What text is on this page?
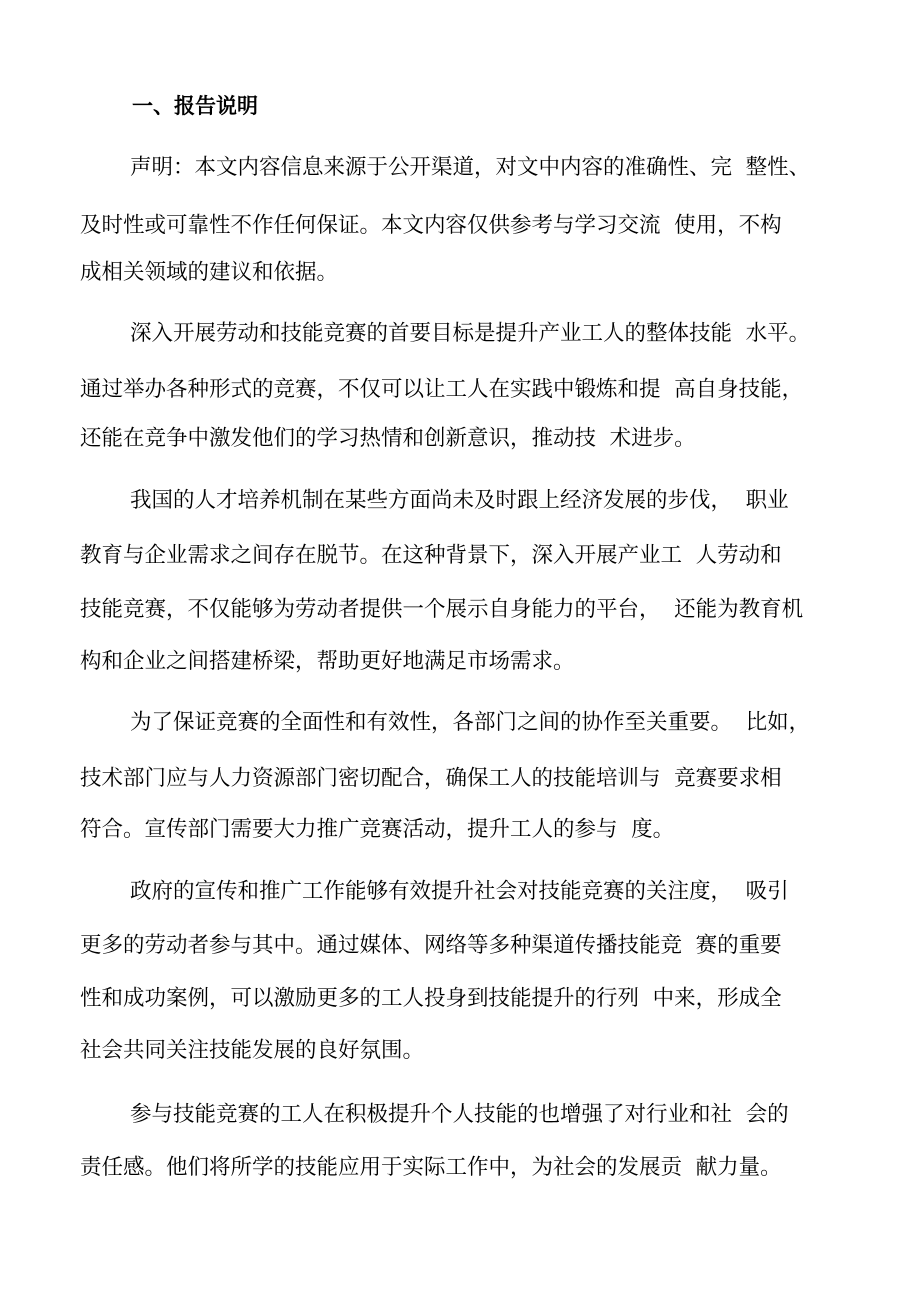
一、报告说明
声明：本文内容信息来源于公开渠道，对文中内容的准确性、完  整性、
及时性或可靠性不作任何保证。本文内容仅供参考与学习交流  使用，不构
成相关领域的建议和依据。
深入开展劳动和技能竞赛的首要目标是提升产业工人的整体技能  水平。
通过举办各种形式的竞赛，不仅可以让工人在实践中锻炼和提  高自身技能，
还能在竞争中激发他们的学习热情和创新意识，推动技  术进步。
我国的人才培养机制在某些方面尚未及时跟上经济发展的步伐，  职业
教育与企业需求之间存在脱节。在这种背景下，深入开展产业工  人劳动和
技能竞赛，不仅能够为劳动者提供一个展示自身能力的平台，  还能为教育机
构和企业之间搭建桥梁，帮助更好地满足市场需求。
为了保证竞赛的全面性和有效性，各部门之间的协作至关重要。  比如，
技术部门应与人力资源部门密切配合，确保工人的技能培训与  竞赛要求相
符合。宣传部门需要大力推广竞赛活动，提升工人的参与  度。
政府的宣传和推广工作能够有效提升社会对技能竞赛的关注度，  吸引
更多的劳动者参与其中。通过媒体、网络等多种渠道传播技能竞  赛的重要
性和成功案例，可以激励更多的工人投身到技能提升的行列  中来，形成全
社会共同关注技能发展的良好氛围。
参与技能竞赛的工人在积极提升个人技能的也增强了对行业和社  会的
责任感。他们将所学的技能应用于实际工作中，为社会的发展贡  献力量。
